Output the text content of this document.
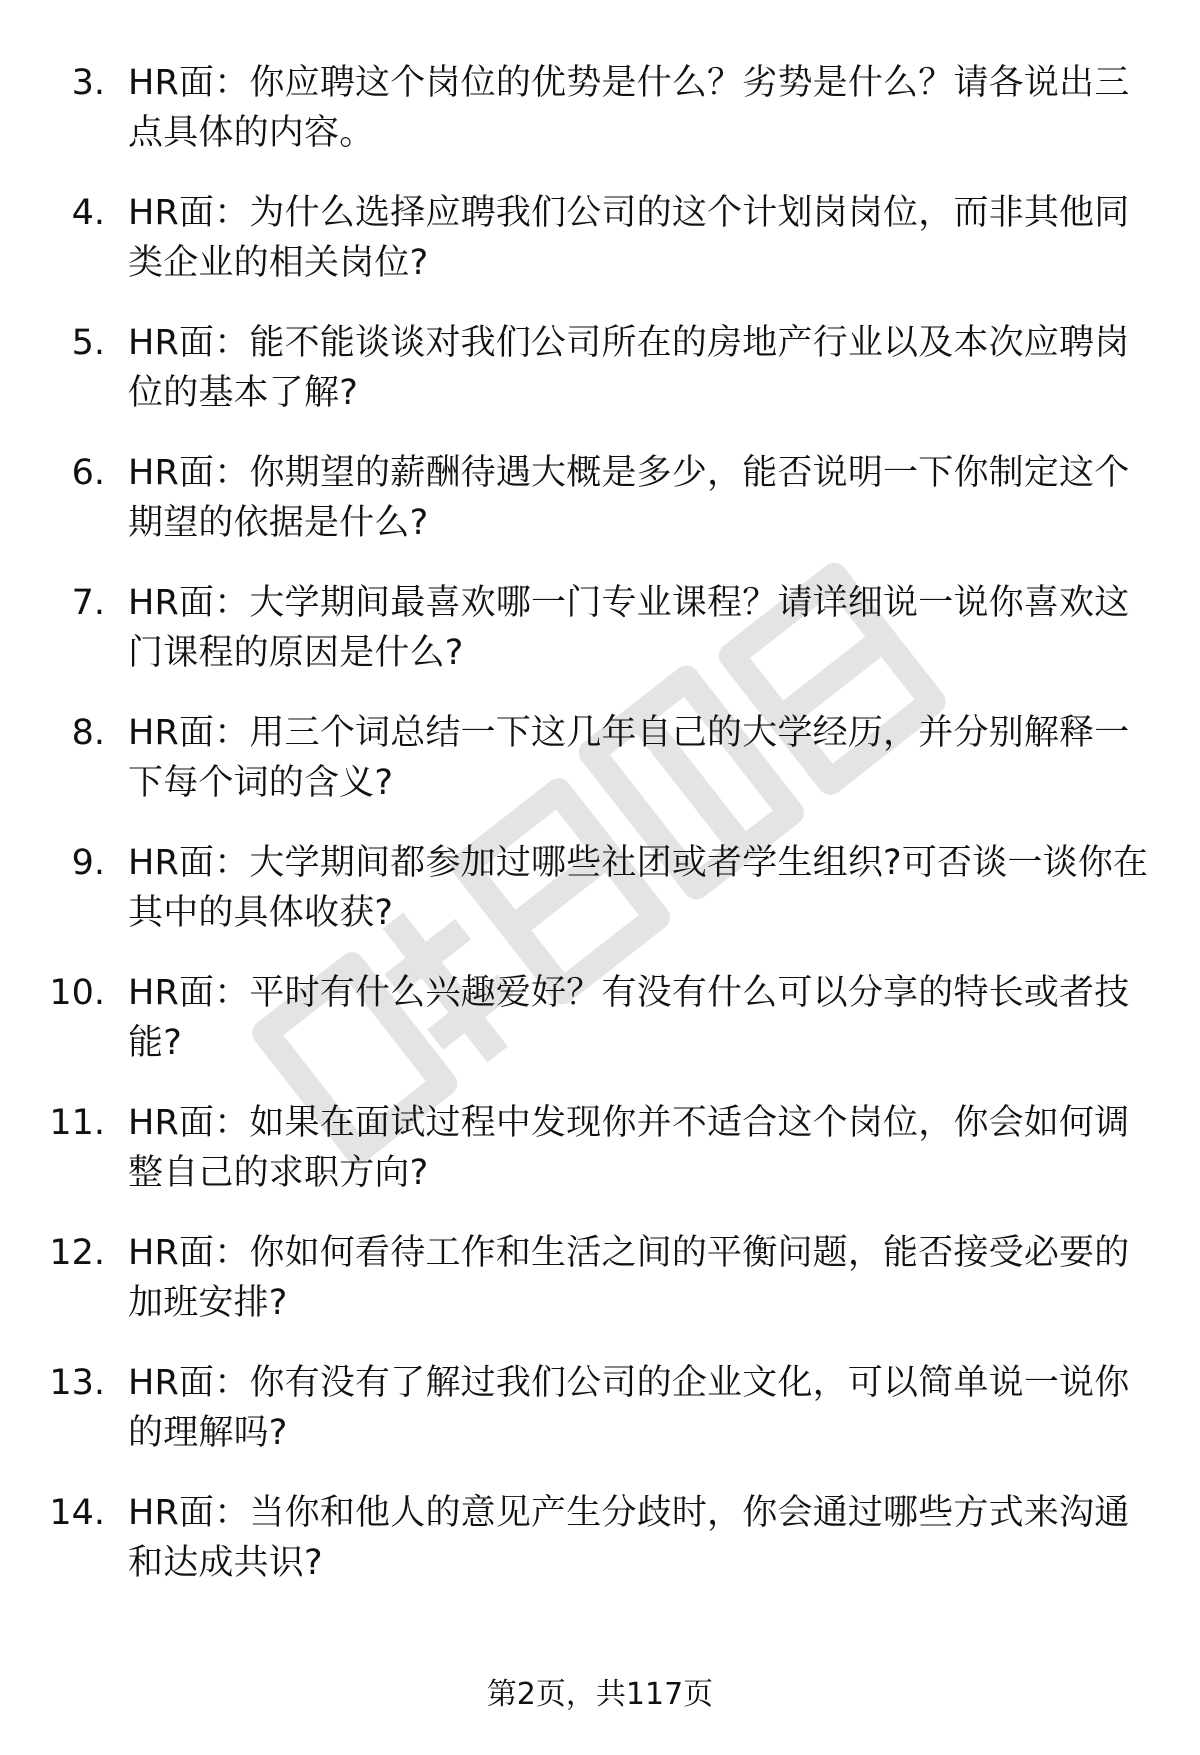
3. HR面：你应聘这个岗位的优势是什么？劣势是什么？请各说出三点具体的内容。
4. HR面：为什么选择应聘我们公司的这个计划岗岗位，而非其他同类企业的相关岗位?
5. HR面：能不能谈谈对我们公司所在的房地产行业以及本次应聘岗位的基本了解?
6. HR面：你期望的薪酬待遇大概是多少，能否说明一下你制定这个期望的依据是什么?
7. HR面：大学期间最喜欢哪一门专业课程？请详细说一说你喜欢这门课程的原因是什么?
8. HR面：用三个词总结一下这几年自己的大学经历，并分别解释一下每个词的含义?
9. HR面：大学期间都参加过哪些社团或者学生组织?可否谈一谈你在其中的具体收获?
10. HR面：平时有什么兴趣爱好？有没有什么可以分享的特长或者技能?
11. HR面：如果在面试过程中发现你并不适合这个岗位，你会如何调整自己的求职方向?
12. HR面：你如何看待工作和生活之间的平衡问题，能否接受必要的加班安排?
13. HR面：你有没有了解过我们公司的企业文化，可以简单说一说你的理解吗?
14. HR面：当你和他人的意见产生分歧时，你会通过哪些方式来沟通和达成共识?
第2页，共117页
